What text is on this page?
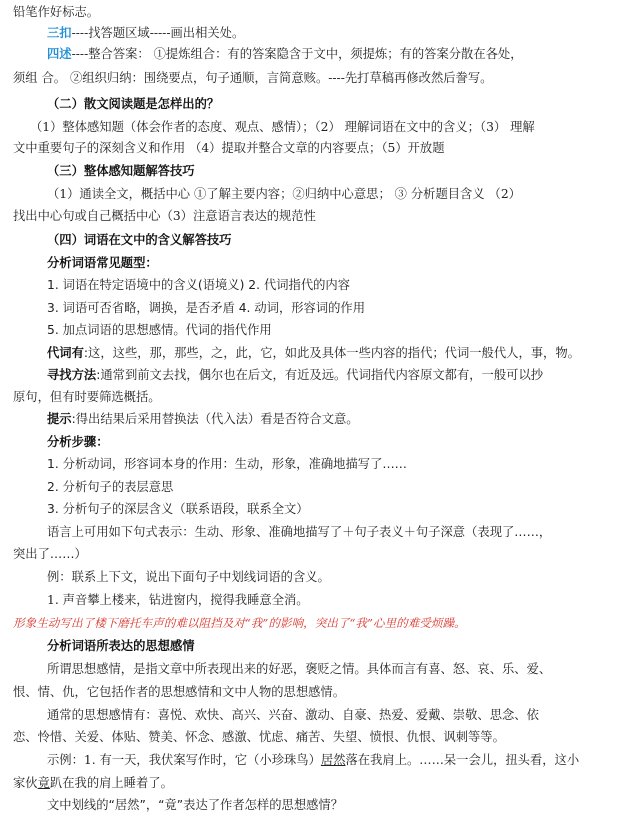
铅笔作好标志。
三扣----找答题区域-----画出相关处。
四述----整合答案： ①提炼组合：有的答案隐含于文中，须提炼；有的答案分散在各处，
须组 合。 ②组织归纳：围绕要点，句子通顺，言简意赅。----先打草稿再修改然后誊写。
（二）散文阅读题是怎样出的？
（1）整体感知题（体会作者的态度、观点、感情）；（2） 理解词语在文中的含义；（3） 理解
文中重要句子的深刻含义和作用 （4）提取并整合文章的内容要点；（5）开放题
（三）整体感知题解答技巧
（1）通读全文，概括中心 ①了解主要内容；②归纳中心意思； ③ 分析题目含义 （2）
找出中心句或自己概括中心（3）注意语言表达的规范性
（四）词语在文中的含义解答技巧
分析词语常见题型：
1. 词语在特定语境中的含义(语境义) 2. 代词指代的内容
3. 词语可否省略，调换，是否矛盾 4. 动词，形容词的作用
5. 加点词语的思想感情。代词的指代作用
代词有:这，这些，那，那些，之，此，它，如此及具体一些内容的指代；代词一般代人，事，物。
寻找方法:通常到前文去找，偶尔也在后文，有近及远。代词指代内容原文都有，一般可以抄
原句，但有时要筛选概括。
提示:得出结果后采用替换法（代入法）看是否符合文意。
分析步骤：
1. 分析动词，形容词本身的作用：生动，形象，准确地描写了……
2. 分析句子的表层意思
3. 分析句子的深层含义（联系语段，联系全文）
语言上可用如下句式表示：生动、形象、准确地描写了＋句子表义＋句子深意（表现了……，
突出了……）
例：联系上下文，说出下面句子中划线词语的含义。
1. 声音攀上楼来，钻进窗内，搅得我睡意全消。
形象生动写出了楼下磨托车声的难以阻挡及对“我”的影响，突出了“我”心里的难受烦躁。
分析词语所表达的思想感情
所谓思想感情，是指文章中所表现出来的好恶，褒贬之情。具体而言有喜、怒、哀、乐、爱、
恨、情、仇，它包括作者的思想感情和文中人物的思想感情。
通常的思想感情有：喜悦、欢快、高兴、兴奋、激动、自豪、热爱、爱戴、崇敬、思念、依
恋、怜惜、关爱、体贴、赞美、怀念、感激、忧虑、痛苦、失望、愤恨、仇恨、讽刺等等。
示例：1. 有一天，我伏案写作时，它（小珍珠鸟）居然落在我肩上。……呆一会儿，扭头看，这小
家伙竟趴在我的肩上睡着了。
文中划线的“居然”，“竟”表达了作者怎样的思想感情？
